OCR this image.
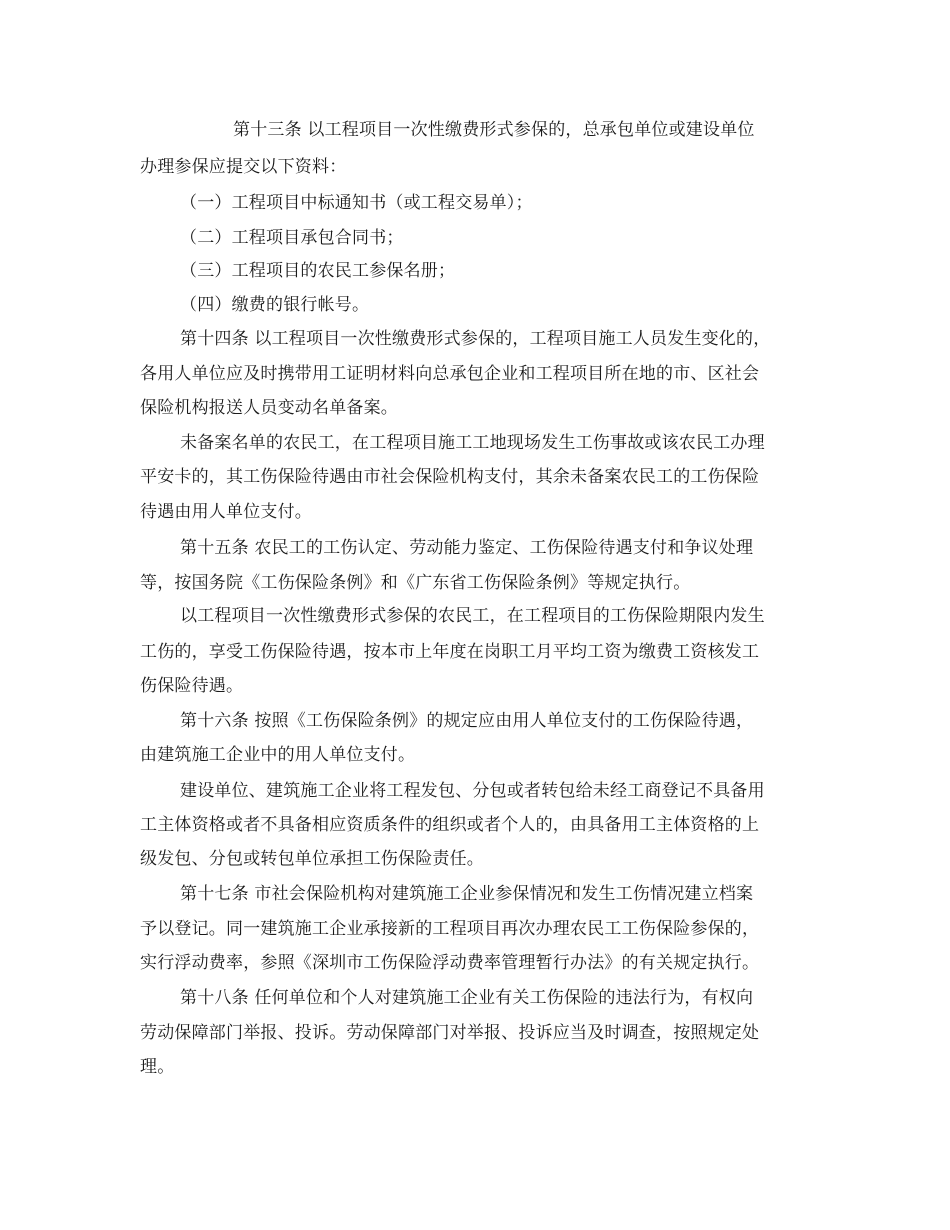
第十三条 以工程项目一次性缴费形式参保的，总承包单位或建设单位
办理参保应提交以下资料：
（一）工程项目中标通知书（或工程交易单）；
（二）工程项目承包合同书；
（三）工程项目的农民工参保名册；
（四）缴费的银行帐号。
第十四条 以工程项目一次性缴费形式参保的，工程项目施工人员发生变化的，
各用人单位应及时携带用工证明材料向总承包企业和工程项目所在地的市、区社会
保险机构报送人员变动名单备案。
未备案名单的农民工，在工程项目施工工地现场发生工伤事故或该农民工办理
平安卡的，其工伤保险待遇由市社会保险机构支付，其余未备案农民工的工伤保险
待遇由用人单位支付。
第十五条 农民工的工伤认定、劳动能力鉴定、工伤保险待遇支付和争议处理
等，按国务院《工伤保险条例》和《广东省工伤保险条例》等规定执行。
以工程项目一次性缴费形式参保的农民工，在工程项目的工伤保险期限内发生
工伤的，享受工伤保险待遇，按本市上年度在岗职工月平均工资为缴费工资核发工
伤保险待遇。
第十六条 按照《工伤保险条例》的规定应由用人单位支付的工伤保险待遇，
由建筑施工企业中的用人单位支付。
建设单位、建筑施工企业将工程发包、分包或者转包给未经工商登记不具备用
工主体资格或者不具备相应资质条件的组织或者个人的，由具备用工主体资格的上
级发包、分包或转包单位承担工伤保险责任。
第十七条 市社会保险机构对建筑施工企业参保情况和发生工伤情况建立档案
予以登记。同一建筑施工企业承接新的工程项目再次办理农民工工伤保险参保的，
实行浮动费率，参照《深圳市工伤保险浮动费率管理暂行办法》的有关规定执行。
第十八条 任何单位和个人对建筑施工企业有关工伤保险的违法行为，有权向
劳动保障部门举报、投诉。劳动保障部门对举报、投诉应当及时调查，按照规定处
理。
